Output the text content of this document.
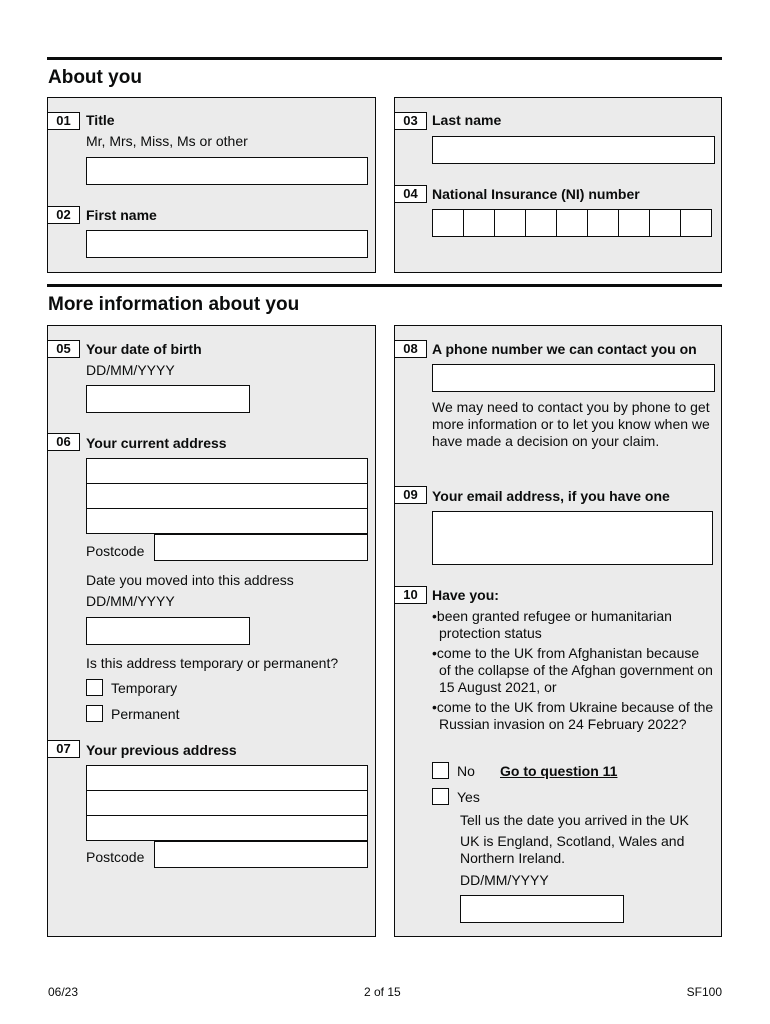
About you
01	Title
Mr, Mrs, Miss, Ms or other
02	First name
03	Last name
04	National Insurance (NI) number
More information about you
05	Your date of birth
DD/MM/YYYY
06	Your current address
Postcode
Date you moved into this address
DD/MM/YYYY
Is this address temporary or permanent?
Temporary
Permanent
07	Your previous address
Postcode
08	A phone number we can contact you on
We may need to contact you by phone to get more information or to let you know when we have made a decision on your claim.
09	Your email address, if you have one
10	Have you:
• been granted refugee or humanitarian protection status
• come to the UK from Afghanistan because of the collapse of the Afghan government on 15 August 2021, or
• come to the UK from Ukraine because of the Russian invasion on 24 February 2022?
No Go to question 11
Yes
Tell us the date you arrived in the UK
UK is England, Scotland, Wales and Northern Ireland.
DD/MM/YYYY
06/23	2 of 15	SF100
